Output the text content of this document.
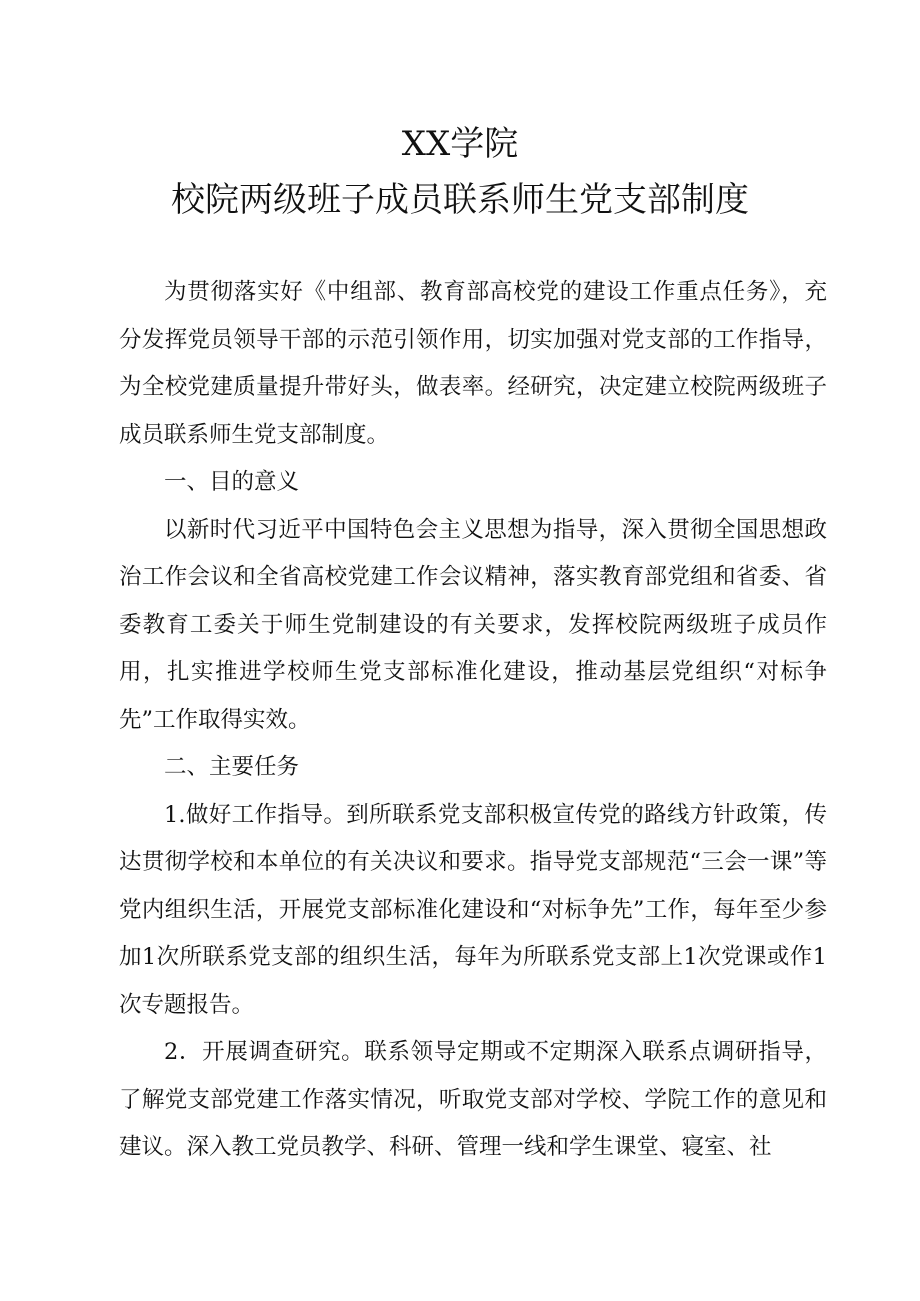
XX学院
校院两级班子成员联系师生党支部制度

为贯彻落实好《中组部、教育部高校党的建设工作重点任务》，充分发挥党员领导干部的示范引领作用，切实加强对党支部的工作指导，为全校党建质量提升带好头，做表率。经研究，决定建立校院两级班子成员联系师生党支部制度。

一、目的意义

以新时代习近平中国特色会主义思想为指导，深入贯彻全国思想政治工作会议和全省高校党建工作会议精神，落实教育部党组和省委、省委教育工委关于师生党制建设的有关要求，发挥校院两级班子成员作用，扎实推进学校师生党支部标准化建设，推动基层党组织“对标争先”工作取得实效。

二、主要任务

1.做好工作指导。到所联系党支部积极宣传党的路线方针政策，传达贯彻学校和本单位的有关决议和要求。指导党支部规范“三会一课”等党内组织生活，开展党支部标准化建设和“对标争先”工作，每年至少参加1次所联系党支部的组织生活，每年为所联系党支部上1次党课或作1次专题报告。

2．开展调查研究。联系领导定期或不定期深入联系点调研指导，了解党支部党建工作落实情况，听取党支部对学校、学院工作的意见和建议。深入教工党员教学、科研、管理一线和学生课堂、寝室、社
